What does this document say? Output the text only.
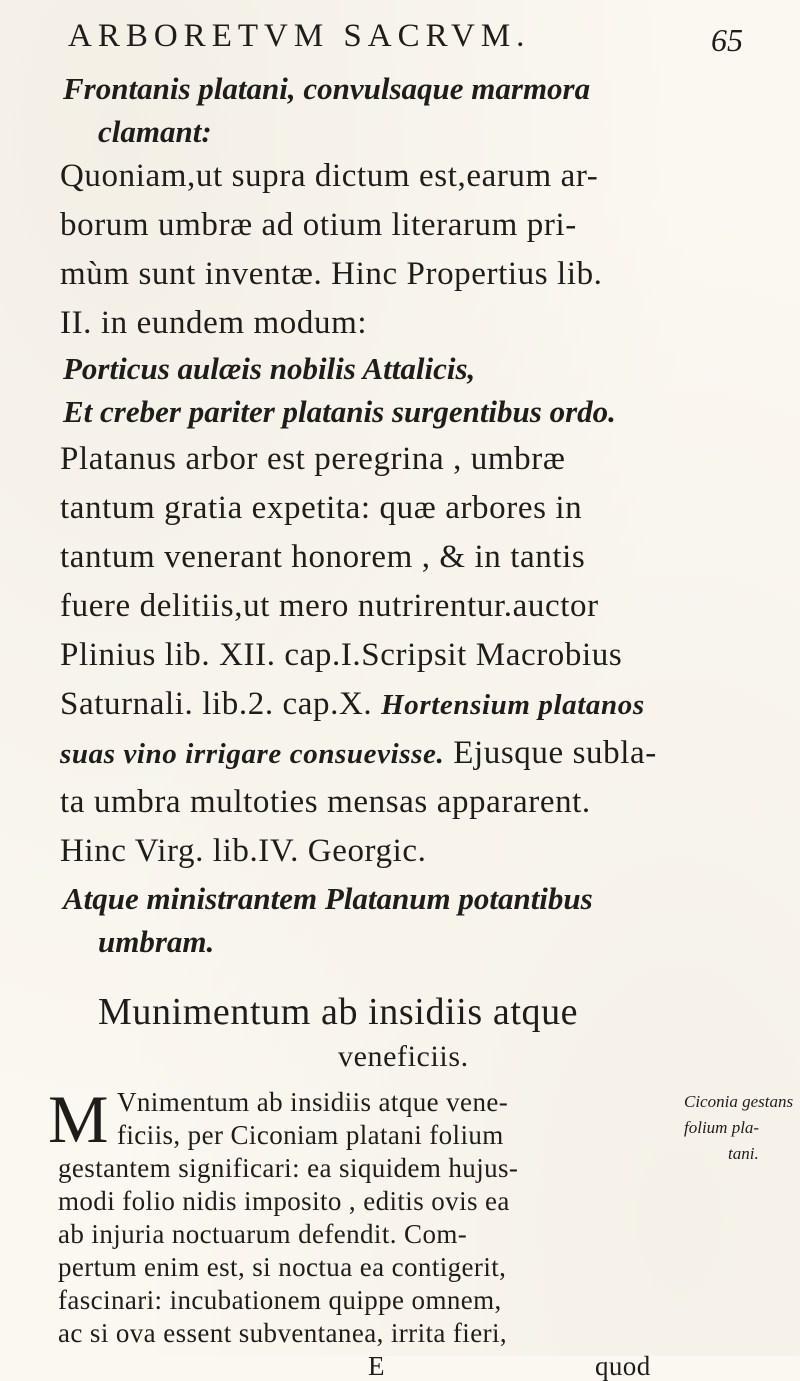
ARBORETVM SACRVM.	65
Frontanis platani, convulsaque marmora
clamant:
Quoniam,ut supra dictum est,earum ar-
borum umbræ ad otium literarum pri-
mùm sunt inventæ. Hinc Propertius lib.
II. in eundem modum:
Porticus aulæis nobilis Attalicis,
Et creber pariter platanis surgentibus ordo.
Platanus arbor est peregrina , umbræ
tantum gratia expetita: quæ arbores in
tantum venerant honorem , & in tantis
fuere delitiis,ut mero nutrirentur.auctor
Plinius lib. XII. cap.I.Scripsit Macrobius
Saturnali. lib.2. cap.X. Hortensium platanos
suas vino irrigare consuevisse. Ejusque subla-
ta umbra multoties mensas appararent.
Hinc Virg. lib.IV. Georgic.
Atque ministrantem Platanum potantibus
umbram.
Munimentum ab insidiis atque
veneficiis.
M Vnimentum ab insidiis atque vene-
ficiis, per Ciconiam platani folium
gestantem significari: ea siquidem hujus-
modi folio nidis imposito , editis ovis ea
ab injuria noctuarum defendit. Com-
pertum enim est, si noctua ea contigerit,
Ciconia gestans
folium pla-
tani.
fascinari: incubationem quippe omnem,
ac si ova essent subventanea, irrita fieri,
E	quod
